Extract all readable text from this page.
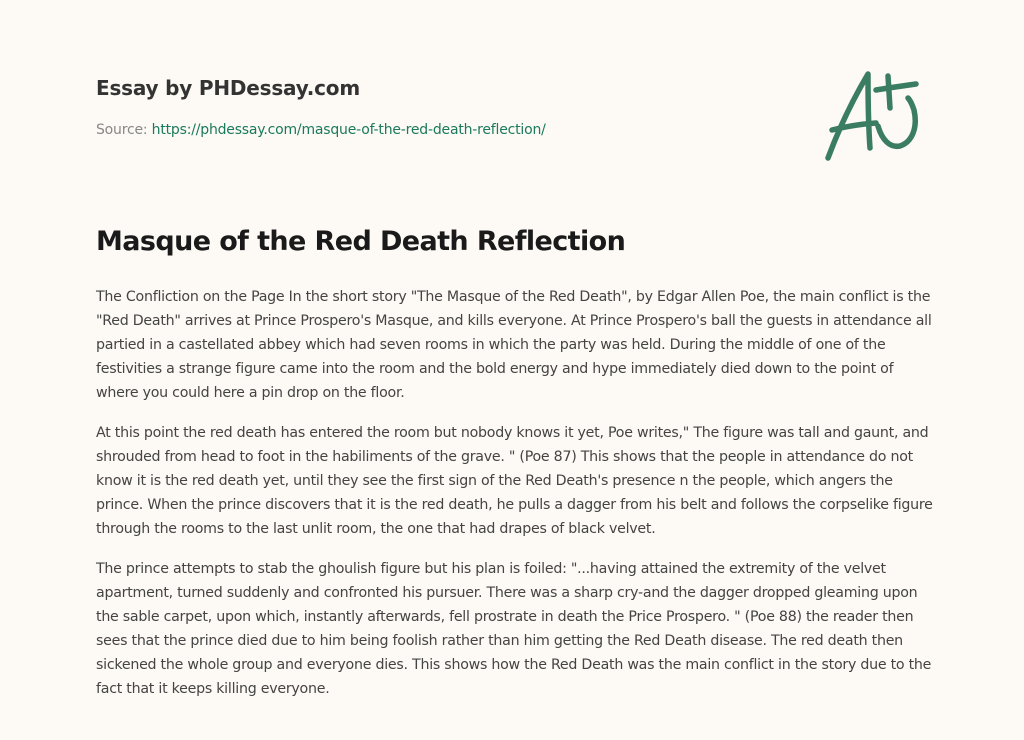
Essay by PHDessay.com
Source: https://phdessay.com/masque-of-the-red-death-reflection/
Masque of the Red Death Reflection

The Confliction on the Page In the short story "The Masque of the Red Death", by Edgar Allen Poe, the main conflict is the "Red Death" arrives at Prince Prospero's Masque, and kills everyone. At Prince Prospero's ball the guests in attendance all partied in a castellated abbey which had seven rooms in which the party was held. During the middle of one of the festivities a strange figure came into the room and the bold energy and hype immediately died down to the point of where you could here a pin drop on the floor.

At this point the red death has entered the room but nobody knows it yet, Poe writes," The figure was tall and gaunt, and shrouded from head to foot in the habiliments of the grave. " (Poe 87) This shows that the people in attendance do not know it is the red death yet, until they see the first sign of the Red Death's presence n the people, which angers the prince. When the prince discovers that it is the red death, he pulls a dagger from his belt and follows the corpselike figure through the rooms to the last unlit room, the one that had drapes of black velvet.

The prince attempts to stab the ghoulish figure but his plan is foiled: "...having attained the extremity of the velvet apartment, turned suddenly and confronted his pursuer. There was a sharp cry-and the dagger dropped gleaming upon the sable carpet, upon which, instantly afterwards, fell prostrate in death the Price Prospero. " (Poe 88) the reader then sees that the prince died due to him being foolish rather than him getting the Red Death disease. The red death then sickened the whole group and everyone dies. This shows how the Red Death was the main conflict in the story due to the fact that it keeps killing everyone.
